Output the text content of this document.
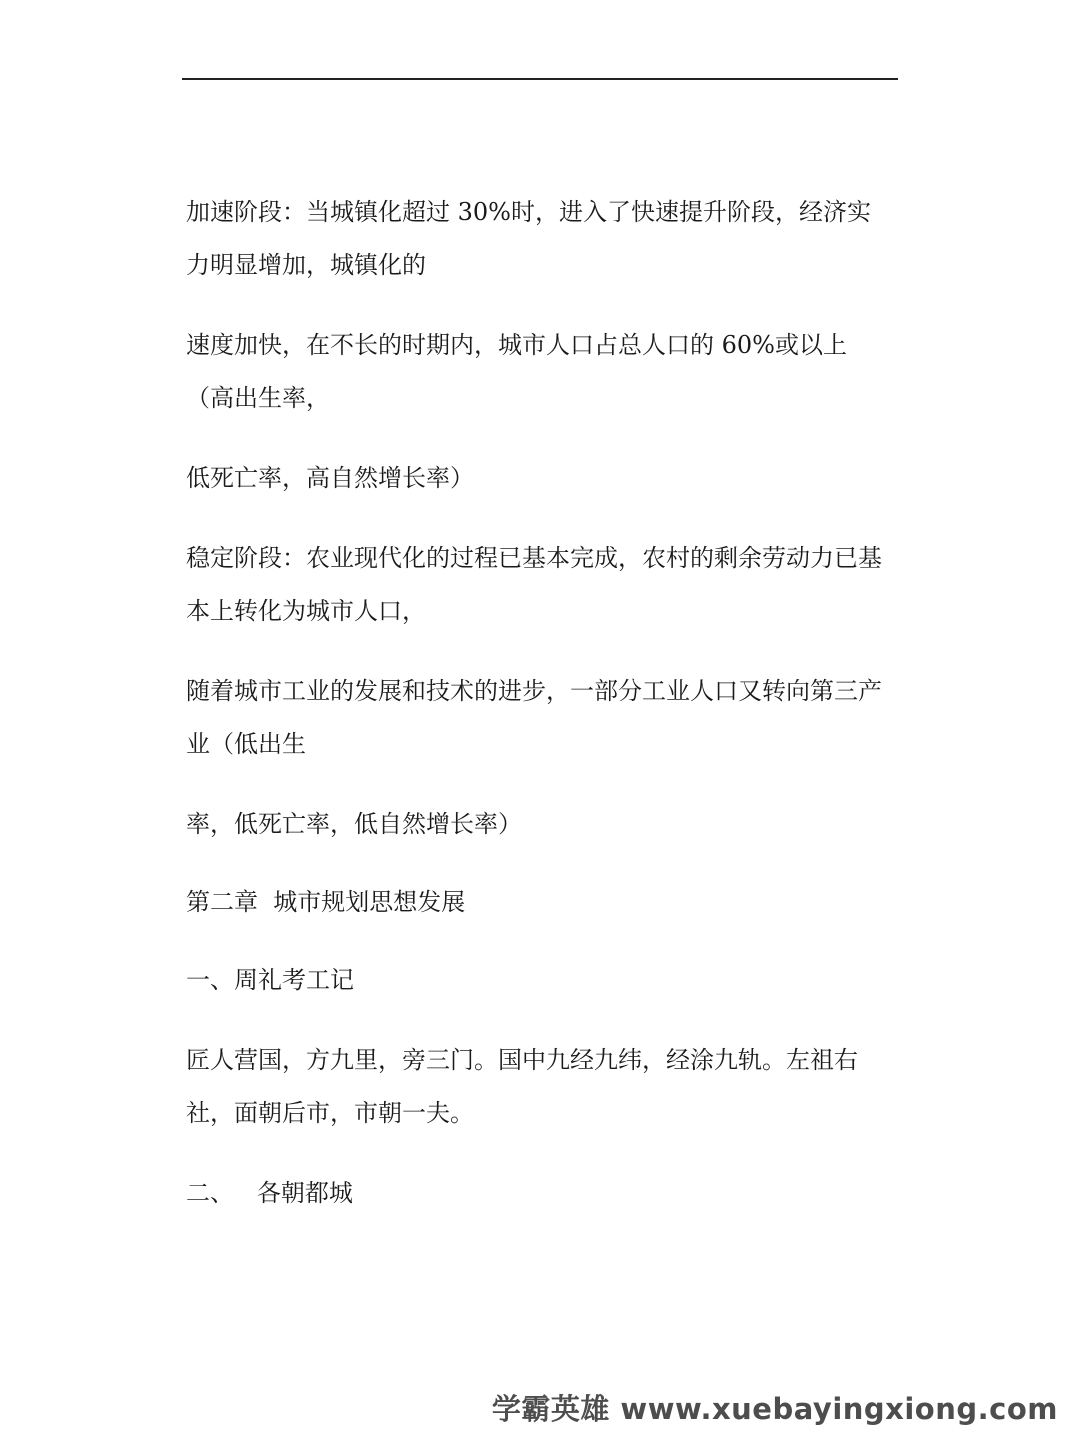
加速阶段：当城镇化超过 30%时，进入了快速提升阶段，经济实力明显增加，城镇化的

速度加快，在不长的时期内，城市人口占总人口的 60%或以上（高出生率，

低死亡率，高自然增长率）

稳定阶段：农业现代化的过程已基本完成，农村的剩余劳动力已基本上转化为城市人口，

随着城市工业的发展和技术的进步，一部分工业人口又转向第三产业（低出生

率，低死亡率，低自然增长率）

第二章  城市规划思想发展

一、周礼考工记

匠人营国，方九里，旁三门。国中九经九纬，经涂九轨。左祖右社，面朝后市，市朝一夫。

二、   各朝都城

学霸英雄 www.xuebayingxiong.com
